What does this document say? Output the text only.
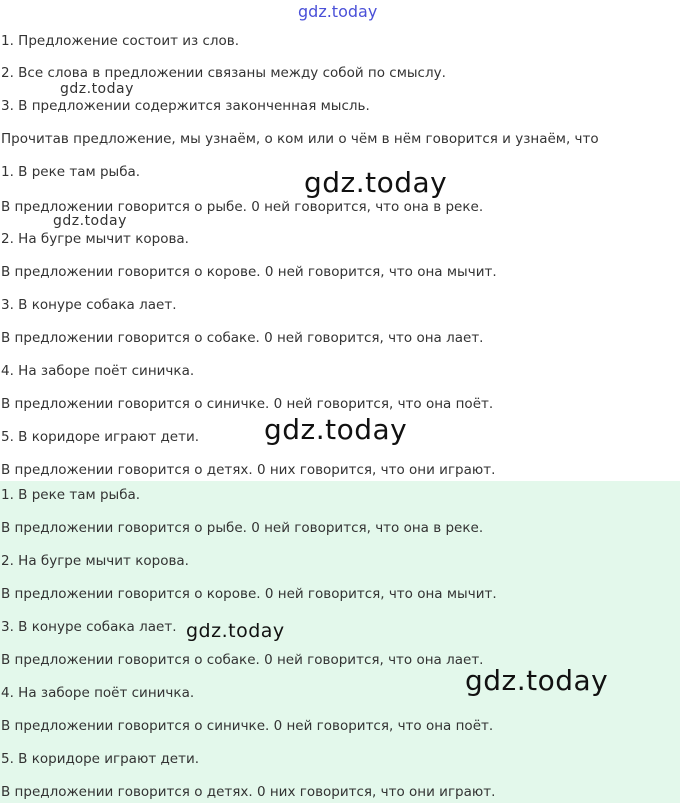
1. Предложение состоит из слов.

2. Все слова в предложении связаны между собой по смыслу.

3. В предложении содержится законченная мысль.

Прочитав предложение, мы узнаём, о ком или о чём в нём говорится и узнаём, что

1. В реке там рыба.

В предложении говорится о рыбе. 0 ней говорится, что она в реке.

2. На бугре мычит корова.

В предложении говорится о корове. 0 ней говорится, что она мычит.

3. В конуре собака лает.

В предложении говорится о собаке. 0 ней говорится, что она лает.

4. На заборе поёт синичка.

В предложении говорится о синичке. 0 ней говорится, что она поёт.

5. В коридоре играют дети.

В предложении говорится о детях. 0 них говорится, что они играют.

1. В реке там рыба.

В предложении говорится о рыбе. 0 ней говорится, что она в реке.

2. На бугре мычит корова.

В предложении говорится о корове. 0 ней говорится, что она мычит.

3. В конуре собака лает.

В предложении говорится о собаке. 0 ней говорится, что она лает.

4. На заборе поёт синичка.

В предложении говорится о синичке. 0 ней говорится, что она поёт.

5. В коридоре играют дети.

В предложении говорится о детях. 0 них говорится, что они играют.

gdz.today
gdz.today
gdz.today
gdz.today
gdz.today
gdz.today
gdz.today
